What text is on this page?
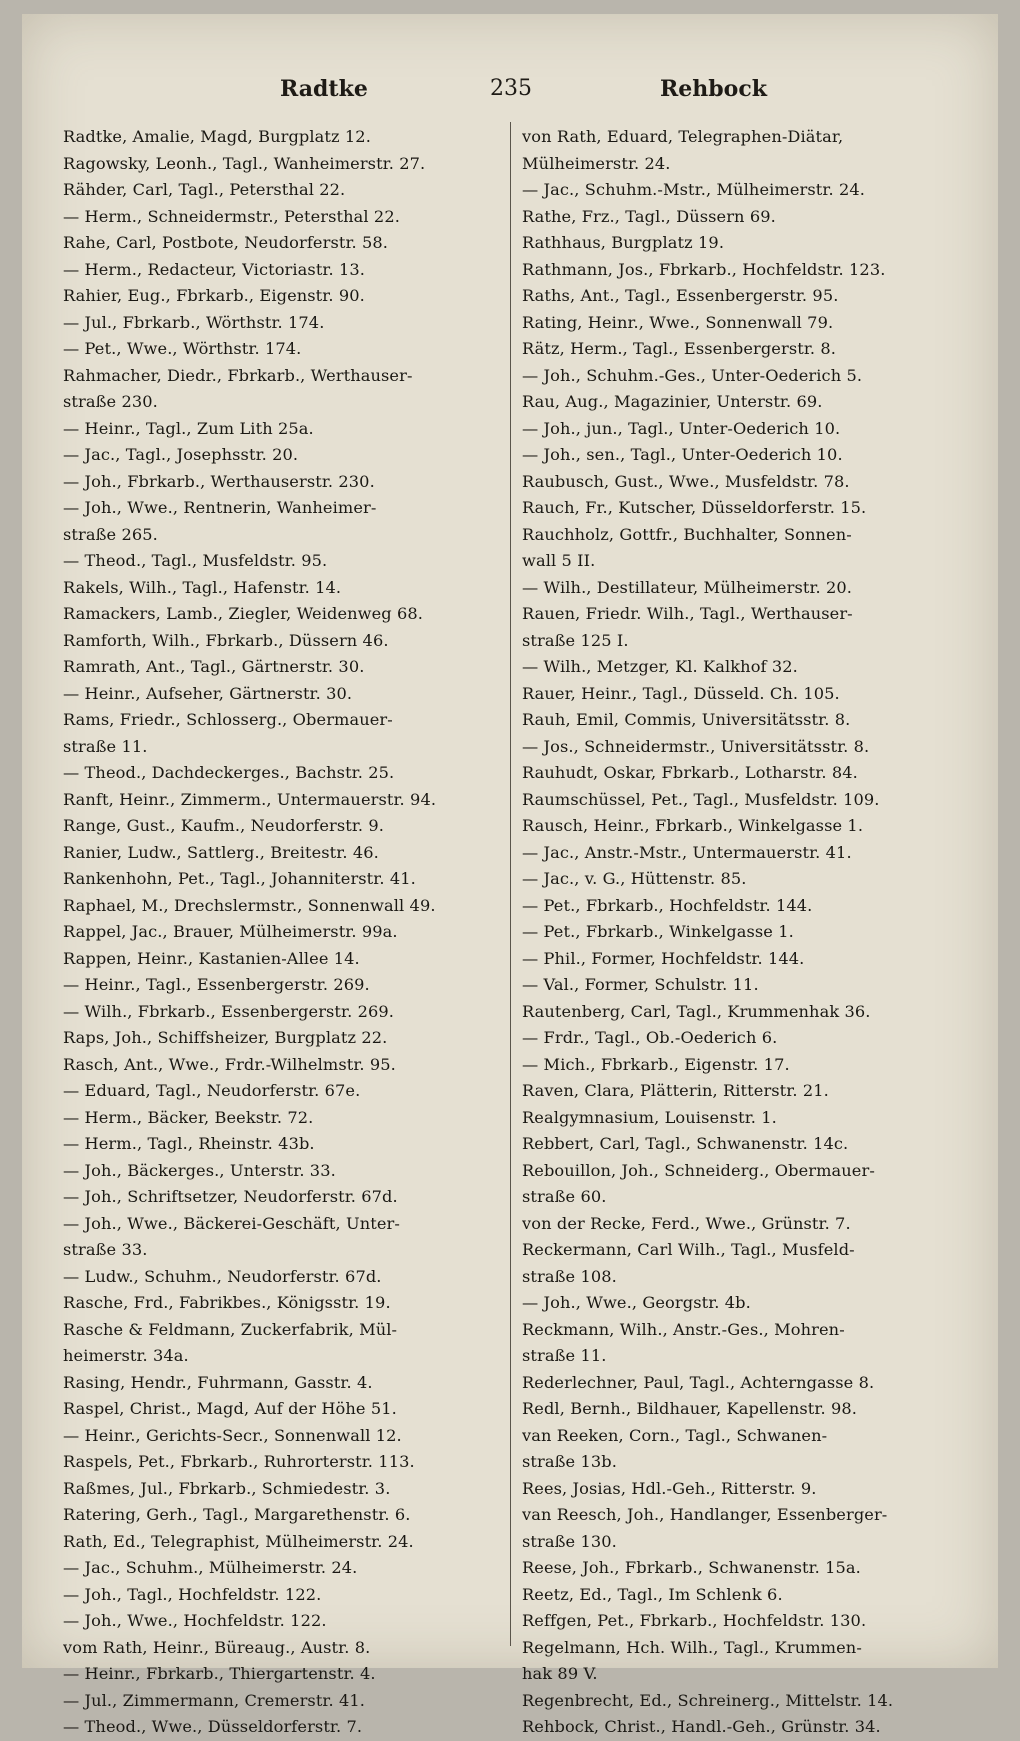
Radtke	235	Rehbock
Radtke, Amalie, Magd, Burgplatz 12.
Ragowsky, Leonh., Tagl., Wanheimerstr. 27.
Rähder, Carl, Tagl., Petersthal 22.
— Herm., Schneidermstr., Petersthal 22.
Rahe, Carl, Postbote, Neudorferstr. 58.
— Herm., Redacteur, Victoriastr. 13.
Rahier, Eug., Fbrkarb., Eigenstr. 90.
— Jul., Fbrkarb., Wörthstr. 174.
— Pet., Wwe., Wörthstr. 174.
Rahmacher, Diedr., Fbrkarb., Werthauser-
straße 230.
— Heinr., Tagl., Zum Lith 25a.
— Jac., Tagl., Josephsstr. 20.
— Joh., Fbrkarb., Werthauserstr. 230.
— Joh., Wwe., Rentnerin, Wanheimer-
straße 265.
— Theod., Tagl., Musfeldstr. 95.
Rakels, Wilh., Tagl., Hafenstr. 14.
Ramackers, Lamb., Ziegler, Weidenweg 68.
Ramforth, Wilh., Fbrkarb., Düssern 46.
Ramrath, Ant., Tagl., Gärtnerstr. 30.
— Heinr., Aufseher, Gärtnerstr. 30.
Rams, Friedr., Schlosserg., Obermauer-
straße 11.
— Theod., Dachdeckerges., Bachstr. 25.
Ranft, Heinr., Zimmerm., Untermauerstr. 94.
Range, Gust., Kaufm., Neudorferstr. 9.
Ranier, Ludw., Sattlerg., Breitestr. 46.
Rankenhohn, Pet., Tagl., Johanniterstr. 41.
Raphael, M., Drechslermstr., Sonnenwall 49.
Rappel, Jac., Brauer, Mülheimerstr. 99a.
Rappen, Heinr., Kastanien-Allee 14.
— Heinr., Tagl., Essenbergerstr. 269.
— Wilh., Fbrkarb., Essenbergerstr. 269.
Raps, Joh., Schiffsheizer, Burgplatz 22.
Rasch, Ant., Wwe., Frdr.-Wilhelmstr. 95.
— Eduard, Tagl., Neudorferstr. 67e.
— Herm., Bäcker, Beekstr. 72.
— Herm., Tagl., Rheinstr. 43b.
— Joh., Bäckerges., Unterstr. 33.
— Joh., Schriftsetzer, Neudorferstr. 67d.
— Joh., Wwe., Bäckerei-Geschäft, Unter-
straße 33.
— Ludw., Schuhm., Neudorferstr. 67d.
Rasche, Frd., Fabrikbes., Königsstr. 19.
Rasche & Feldmann, Zuckerfabrik, Mül-
heimerstr. 34a.
Rasing, Hendr., Fuhrmann, Gasstr. 4.
Raspel, Christ., Magd, Auf der Höhe 51.
— Heinr., Gerichts-Secr., Sonnenwall 12.
Raspels, Pet., Fbrkarb., Ruhrorterstr. 113.
Raßmes, Jul., Fbrkarb., Schmiedestr. 3.
Ratering, Gerh., Tagl., Margarethenstr. 6.
Rath, Ed., Telegraphist, Mülheimerstr. 24.
— Jac., Schuhm., Mülheimerstr. 24.
— Joh., Tagl., Hochfeldstr. 122.
— Joh., Wwe., Hochfeldstr. 122.
vom Rath, Heinr., Büreaug., Austr. 8.
— Heinr., Fbrkarb., Thiergartenstr. 4.
— Jul., Zimmermann, Cremerstr. 41.
— Theod., Wwe., Düsseldorferstr. 7.
von Rath, Eduard, Telegraphen-Diätar,
Mülheimerstr. 24.
— Jac., Schuhm.-Mstr., Mülheimerstr. 24.
Rathe, Frz., Tagl., Düssern 69.
Rathhaus, Burgplatz 19.
Rathmann, Jos., Fbrkarb., Hochfeldstr. 123.
Raths, Ant., Tagl., Essenbergerstr. 95.
Rating, Heinr., Wwe., Sonnenwall 79.
Rätz, Herm., Tagl., Essenbergerstr. 8.
— Joh., Schuhm.-Ges., Unter-Oederich 5.
Rau, Aug., Magazinier, Unterstr. 69.
— Joh., jun., Tagl., Unter-Oederich 10.
— Joh., sen., Tagl., Unter-Oederich 10.
Raubusch, Gust., Wwe., Musfeldstr. 78.
Rauch, Fr., Kutscher, Düsseldorferstr. 15.
Rauchholz, Gottfr., Buchhalter, Sonnen-
wall 5 II.
— Wilh., Destillateur, Mülheimerstr. 20.
Rauen, Friedr. Wilh., Tagl., Werthauser-
straße 125 I.
— Wilh., Metzger, Kl. Kalkhof 32.
Rauer, Heinr., Tagl., Düsseld. Ch. 105.
Rauh, Emil, Commis, Universitätsstr. 8.
— Jos., Schneidermstr., Universitätsstr. 8.
Rauhudt, Oskar, Fbrkarb., Lotharstr. 84.
Raumschüssel, Pet., Tagl., Musfeldstr. 109.
Rausch, Heinr., Fbrkarb., Winkelgasse 1.
— Jac., Anstr.-Mstr., Untermauerstr. 41.
— Jac., v. G., Hüttenstr. 85.
— Pet., Fbrkarb., Hochfeldstr. 144.
— Pet., Fbrkarb., Winkelgasse 1.
— Phil., Former, Hochfeldstr. 144.
— Val., Former, Schulstr. 11.
Rautenberg, Carl, Tagl., Krummenhak 36.
— Frdr., Tagl., Ob.-Oederich 6.
— Mich., Fbrkarb., Eigenstr. 17.
Raven, Clara, Plätterin, Ritterstr. 21.
Realgymnasium, Louisenstr. 1.
Rebbert, Carl, Tagl., Schwanenstr. 14c.
Rebouillon, Joh., Schneiderg., Obermauer-
straße 60.
von der Recke, Ferd., Wwe., Grünstr. 7.
Reckermann, Carl Wilh., Tagl., Musfeld-
straße 108.
— Joh., Wwe., Georgstr. 4b.
Reckmann, Wilh., Anstr.-Ges., Mohren-
straße 11.
Rederlechner, Paul, Tagl., Achterngasse 8.
Redl, Bernh., Bildhauer, Kapellenstr. 98.
van Reeken, Corn., Tagl., Schwanen-
straße 13b.
Rees, Josias, Hdl.-Geh., Ritterstr. 9.
van Reesch, Joh., Handlanger, Essenberger-
straße 130.
Reese, Joh., Fbrkarb., Schwanenstr. 15a.
Reetz, Ed., Tagl., Im Schlenk 6.
Reffgen, Pet., Fbrkarb., Hochfeldstr. 130.
Regelmann, Hch. Wilh., Tagl., Krummen-
hak 89 V.
Regenbrecht, Ed., Schreinerg., Mittelstr. 14.
Rehbock, Christ., Handl.-Geh., Grünstr. 34.
